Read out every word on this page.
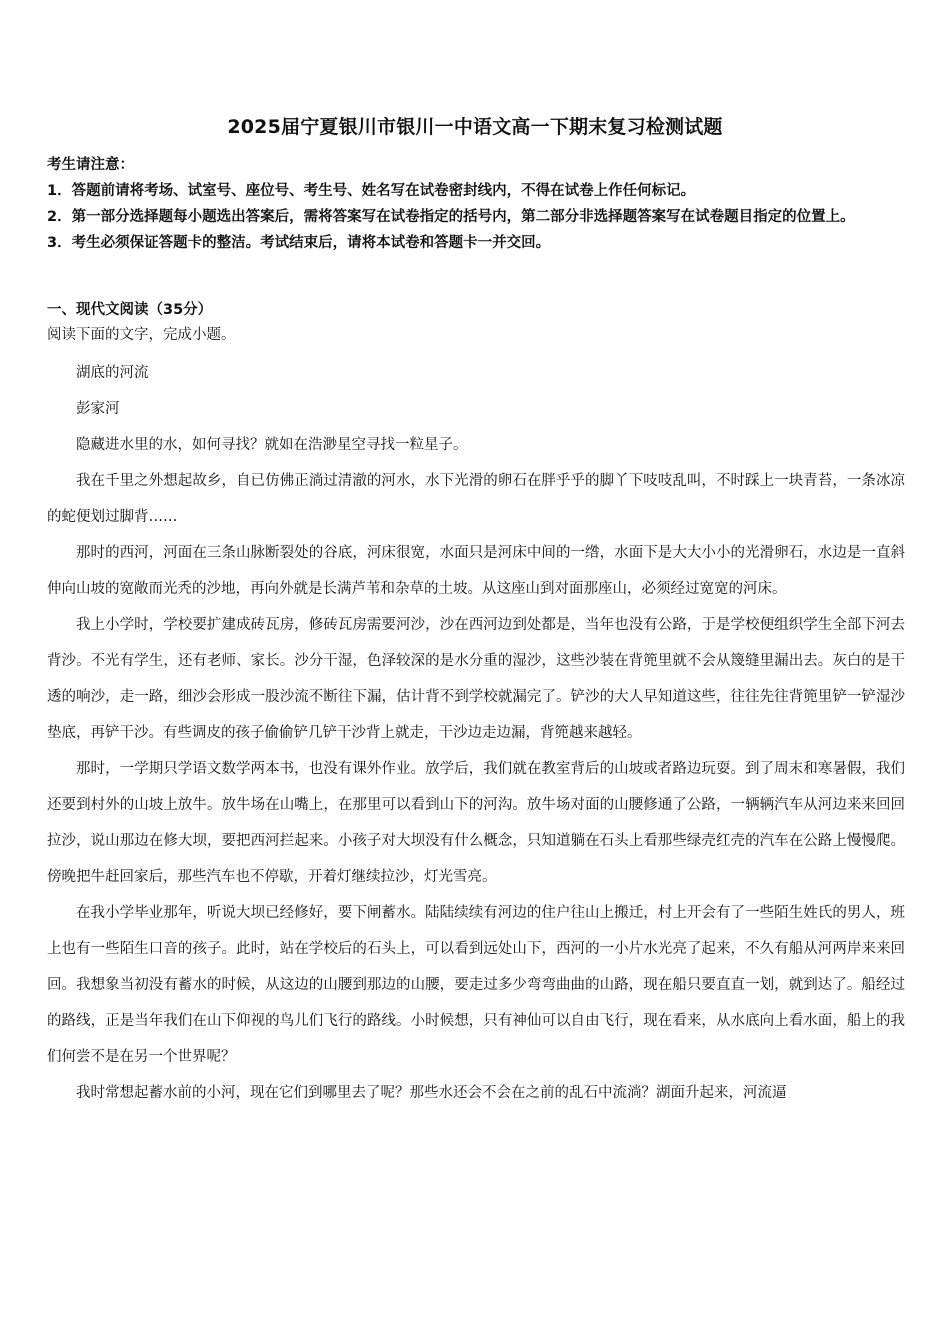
2025届宁夏银川市银川一中语文高一下期末复习检测试题

考生请注意：

1．答题前请将考场、试室号、座位号、考生号、姓名写在试卷密封线内，不得在试卷上作任何标记。

2．第一部分选择题每小题选出答案后，需将答案写在试卷指定的括号内，第二部分非选择题答案写在试卷题目指定的位置上。

3．考生必须保证答题卡的整洁。考试结束后，请将本试卷和答题卡一并交回。

一、现代文阅读（35分）
阅读下面的文字，完成小题。

湖底的河流

彭家河

隐藏进水里的水，如何寻找？就如在浩渺星空寻找一粒星子。

我在千里之外想起故乡，自已仿佛正淌过清澈的河水，水下光滑的卵石在胖乎乎的脚丫下吱吱乱叫，不时踩上一块青苔，一条冰凉的蛇便划过脚背……

那时的西河，河面在三条山脉断裂处的谷底，河床很宽，水面只是河床中间的一绺，水面下是大大小小的光滑卵石，水边是一直斜伸向山坡的宽敞而光秃的沙地，再向外就是长满芦苇和杂草的土坡。从这座山到对面那座山，必须经过宽宽的河床。

我上小学时，学校要扩建成砖瓦房，修砖瓦房需要河沙，沙在西河边到处都是，当年也没有公路，于是学校便组织学生全部下河去背沙。不光有学生，还有老师、家长。沙分干湿，色泽较深的是水分重的湿沙，这些沙装在背篼里就不会从篾缝里漏出去。灰白的是干透的响沙，走一路，细沙会形成一股沙流不断往下漏，估计背不到学校就漏完了。铲沙的大人早知道这些，往往先往背篼里铲一铲湿沙垫底，再铲干沙。有些调皮的孩子偷偷铲几铲干沙背上就走，干沙边走边漏，背篼越来越轻。

那时，一学期只学语文数学两本书，也没有课外作业。放学后，我们就在教室背后的山坡或者路边玩耍。到了周末和寒暑假，我们还要到村外的山坡上放牛。放牛场在山嘴上，在那里可以看到山下的河沟。放牛场对面的山腰修通了公路，一辆辆汽车从河边来来回回拉沙，说山那边在修大坝，要把西河拦起来。小孩子对大坝没有什么概念，只知道躺在石头上看那些绿壳红壳的汽车在公路上慢慢爬。傍晚把牛赶回家后，那些汽车也不停歇，开着灯继续拉沙，灯光雪亮。

在我小学毕业那年，听说大坝已经修好，要下闸蓄水。陆陆续续有河边的住户往山上搬迁，村上开会有了一些陌生姓氏的男人，班上也有一些陌生口音的孩子。此时，站在学校后的石头上，可以看到远处山下，西河的一小片水光亮了起来，不久有船从河两岸来来回回。我想象当初没有蓄水的时候，从这边的山腰到那边的山腰，要走过多少弯弯曲曲的山路，现在船只要直直一划，就到达了。船经过的路线，正是当年我们在山下仰视的鸟儿们飞行的路线。小时候想，只有神仙可以自由飞行，现在看来，从水底向上看水面，船上的我们何尝不是在另一个世界呢？

我时常想起蓄水前的小河，现在它们到哪里去了呢？那些水还会不会在之前的乱石中流淌？湖面升起来，河流逼
